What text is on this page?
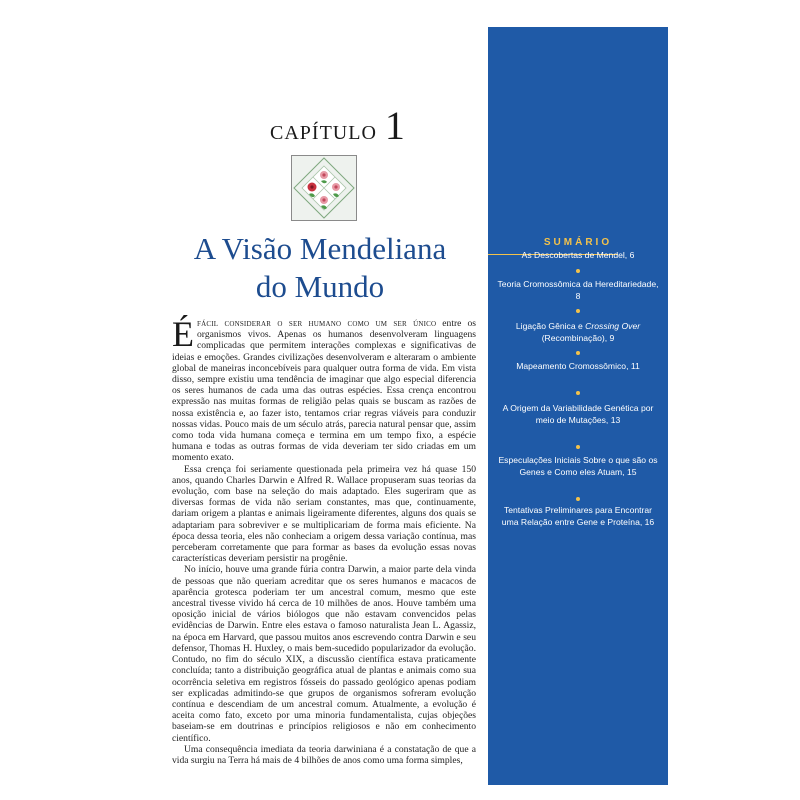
CAPÍTULO 1
A Visão Mendeliana
do Mundo

Éfácil considerar o ser humano como um ser único entre os organismos vivos. Apenas os humanos desenvolveram linguagens complicadas que permitem interações complexas e significativas de ideias e emoções. Grandes civilizações desenvolveram e alteraram o ambiente global de maneiras inconcebíveis para qualquer outra forma de vida. Em vista disso, sempre existiu uma tendência de imaginar que algo especial diferencia os seres humanos de cada uma das outras espécies. Essa crença encontrou expressão nas muitas formas de religião pelas quais se buscam as razões de nossa existência e, ao fazer isto, tentamos criar regras viáveis para conduzir nossas vidas. Pouco mais de um século atrás, parecia natural pensar que, assim como toda vida humana começa e termina em um tempo fixo, a espécie humana e todas as outras formas de vida deveriam ter sido criadas em um momento exato.

Essa crença foi seriamente questionada pela primeira vez há quase 150 anos, quando Charles Darwin e Alfred R. Wallace propuseram suas teorias da evolução, com base na seleção do mais adaptado. Eles sugeriram que as diversas formas de vida não seriam constantes, mas que, continuamente, dariam origem a plantas e animais ligeiramente diferentes, alguns dos quais se adaptariam para sobreviver e se multiplicariam de forma mais eficiente. Na época dessa teoria, eles não conheciam a origem dessa variação contínua, mas perceberam corretamente que para formar as bases da evolução essas novas características deveriam persistir na progênie.

No início, houve uma grande fúria contra Darwin, a maior parte dela vinda de pessoas que não queriam acreditar que os seres humanos e macacos de aparência grotesca poderiam ter um ancestral comum, mesmo que este ancestral tivesse vivido há cerca de 10 milhões de anos. Houve também uma oposição inicial de vários biólogos que não estavam convencidos pelas evidências de Darwin. Entre eles estava o famoso naturalista Jean L. Agassiz, na época em Harvard, que passou muitos anos escrevendo contra Darwin e seu defensor, Thomas H. Huxley, o mais bem-sucedido popularizador da evolução. Contudo, no fim do século XIX, a discussão científica estava praticamente concluída; tanto a distribuição geográfica atual de plantas e animais como sua ocorrência seletiva em registros fósseis do passado geológico apenas podiam ser explicadas admitindo-se que grupos de organismos sofreram evolução contínua e descendiam de um ancestral comum. Atualmente, a evolução é aceita como fato, exceto por uma minoria fundamentalista, cujas objeções baseiam-se em doutrinas e princípios religiosos e não em conhecimento científico.

Uma consequência imediata da teoria darwiniana é a constatação de que a vida surgiu na Terra há mais de 4 bilhões de anos como uma forma simples,

SUMÁRIO
As Descobertas de Mendel, 6
Teoria Cromossômica da Hereditariedade, 8
Ligação Gênica e Crossing Over (Recombinação), 9
Mapeamento Cromossômico, 11
A Origem da Variabilidade Genética por meio de Mutações, 13
Especulações Iniciais Sobre o que são os Genes e Como eles Atuam, 15
Tentativas Preliminares para Encontrar uma Relação entre Gene e Proteína, 16
